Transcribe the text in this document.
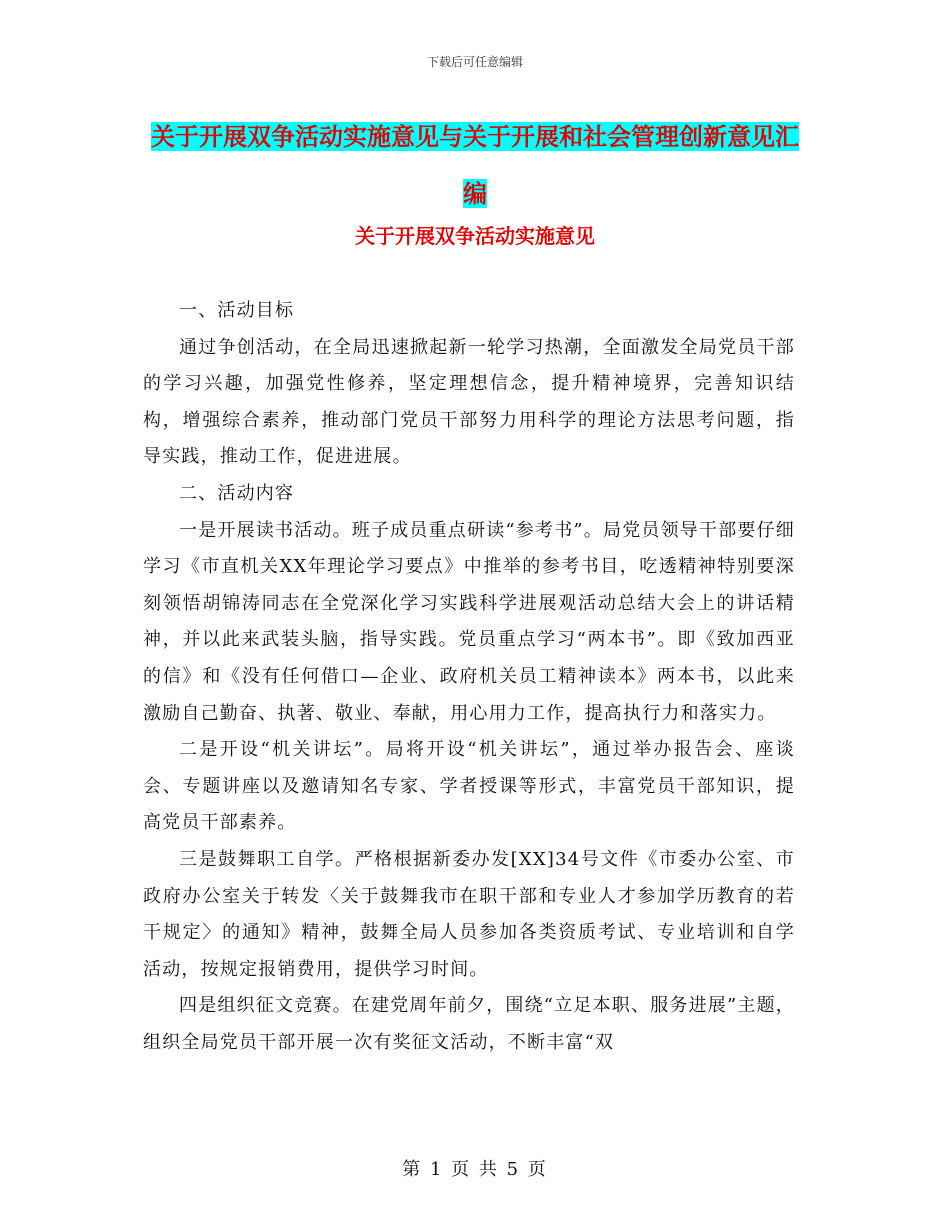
下载后可任意编辑
关于开展双争活动实施意见与关于开展和社会管理创新意见汇编
关于开展双争活动实施意见

一、活动目标

通过争创活动，在全局迅速掀起新一轮学习热潮，全面激发全局党员干部的学习兴趣，加强党性修养，坚定理想信念，提升精神境界，完善知识结构，增强综合素养，推动部门党员干部努力用科学的理论方法思考问题，指导实践，推动工作，促进进展。

二、活动内容

一是开展读书活动。班子成员重点研读“参考书”。局党员领导干部要仔细学习《市直机关XX年理论学习要点》中推举的参考书目，吃透精神特别要深刻领悟胡锦涛同志在全党深化学习实践科学进展观活动总结大会上的讲话精神，并以此来武装头脑，指导实践。党员重点学习“两本书”。即《致加西亚的信》和《没有任何借口—企业、政府机关员工精神读本》两本书，以此来激励自己勤奋、执著、敬业、奉献，用心用力工作，提高执行力和落实力。

二是开设“机关讲坛”。局将开设“机关讲坛”，通过举办报告会、座谈会、专题讲座以及邀请知名专家、学者授课等形式，丰富党员干部知识，提高党员干部素养。

三是鼓舞职工自学。严格根据新委办发[XX]34号文件《市委办公室、市政府办公室关于转发〈关于鼓舞我市在职干部和专业人才参加学历教育的若干规定〉的通知》精神，鼓舞全局人员参加各类资质考试、专业培训和自学活动，按规定报销费用，提供学习时间。

四是组织征文竞赛。在建党周年前夕，围绕“立足本职、服务进展”主题，组织全局党员干部开展一次有奖征文活动，不断丰富“双

第 1 页 共 5 页
